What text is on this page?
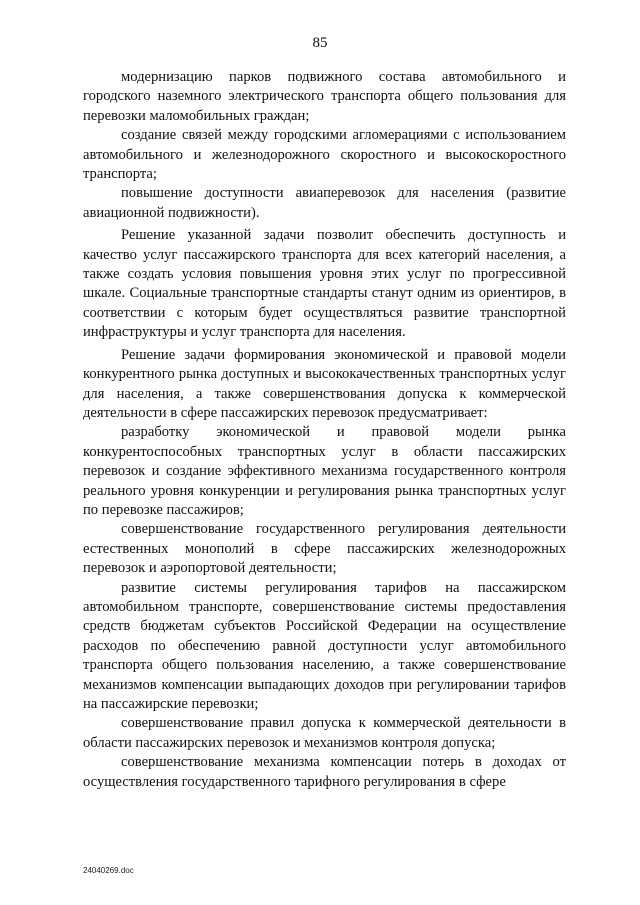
85

модернизацию парков подвижного состава автомобильного и городского наземного электрического транспорта общего пользования для перевозки маломобильных граждан;

создание связей между городскими агломерациями с использованием автомобильного и железнодорожного скоростного и высокоскоростного транспорта;

повышение доступности авиаперевозок для населения (развитие авиационной подвижности).

Решение указанной задачи позволит обеспечить доступность и качество услуг пассажирского транспорта для всех категорий населения, а также создать условия повышения уровня этих услуг по прогрессивной шкале. Социальные транспортные стандарты станут одним из ориентиров, в соответствии с которым будет осуществляться развитие транспортной инфраструктуры и услуг транспорта для населения.

Решение задачи формирования экономической и правовой модели конкурентного рынка доступных и высококачественных транспортных услуг для населения, а также совершенствования допуска к коммерческой деятельности в сфере пассажирских перевозок предусматривает:

разработку экономической и правовой модели рынка конкурентоспособных транспортных услуг в области пассажирских перевозок и создание эффективного механизма государственного контроля реального уровня конкуренции и регулирования рынка транспортных услуг по перевозке пассажиров;

совершенствование государственного регулирования деятельности естественных монополий в сфере пассажирских железнодорожных перевозок и аэропортовой деятельности;

развитие системы регулирования тарифов на пассажирском автомобильном транспорте, совершенствование системы предоставления средств бюджетам субъектов Российской Федерации на осуществление расходов по обеспечению равной доступности услуг автомобильного транспорта общего пользования населению, а также совершенствование механизмов компенсации выпадающих доходов при регулировании тарифов на пассажирские перевозки;

совершенствование правил допуска к коммерческой деятельности в области пассажирских перевозок и механизмов контроля допуска;

совершенствование механизма компенсации потерь в доходах от осуществления государственного тарифного регулирования в сфере

24040269.doc
